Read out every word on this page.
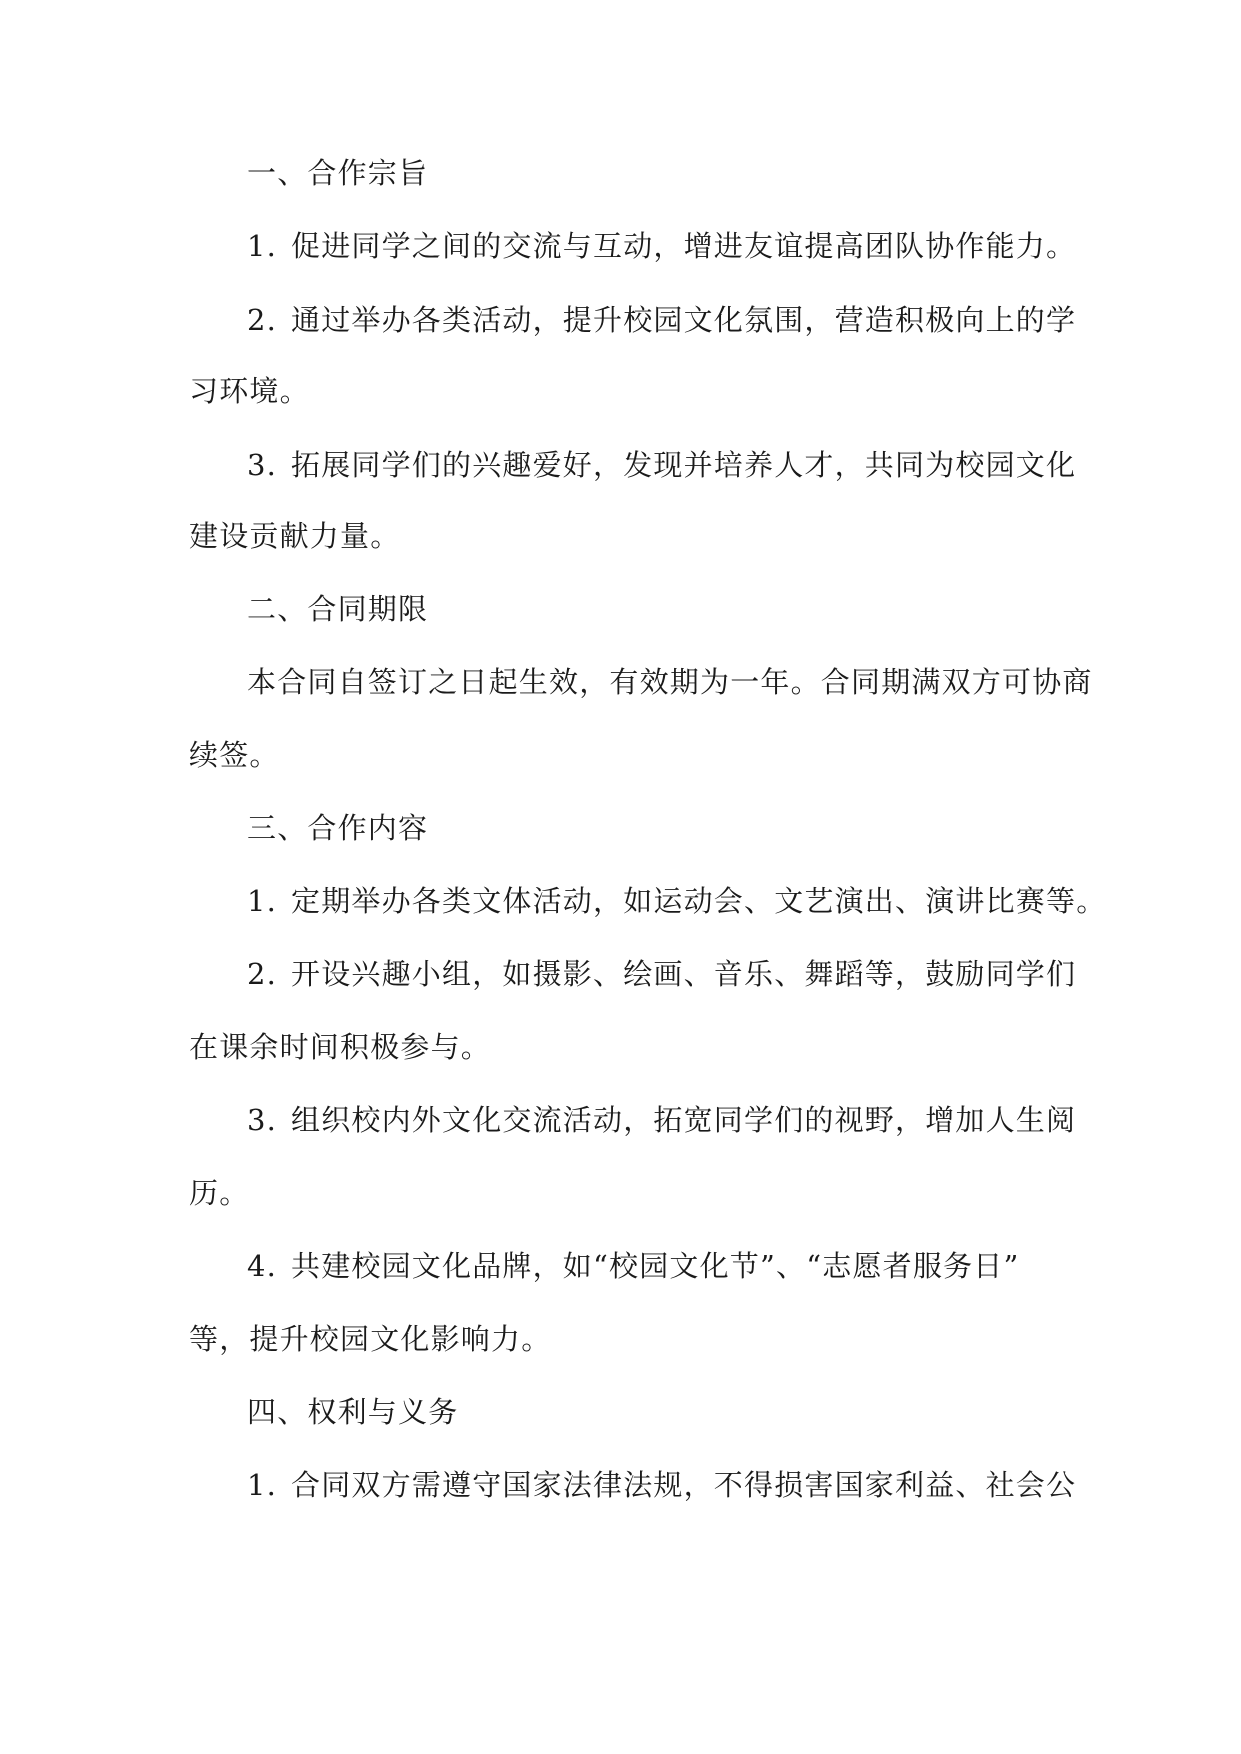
一、合作宗旨
1. 促进同学之间的交流与互动，增进友谊提高团队协作能力。
2. 通过举办各类活动，提升校园文化氛围，营造积极向上的学
习环境。
3. 拓展同学们的兴趣爱好，发现并培养人才，共同为校园文化
建设贡献力量。
二、合同期限
本合同自签订之日起生效，有效期为一年。合同期满双方可协商
续签。
三、合作内容
1. 定期举办各类文体活动，如运动会、文艺演出、演讲比赛等。
2. 开设兴趣小组，如摄影、绘画、音乐、舞蹈等，鼓励同学们
在课余时间积极参与。
3. 组织校内外文化交流活动，拓宽同学们的视野，增加人生阅
历。
4. 共建校园文化品牌，如“校园文化节”、“志愿者服务日”
等，提升校园文化影响力。
四、权利与义务
1. 合同双方需遵守国家法律法规，不得损害国家利益、社会公
